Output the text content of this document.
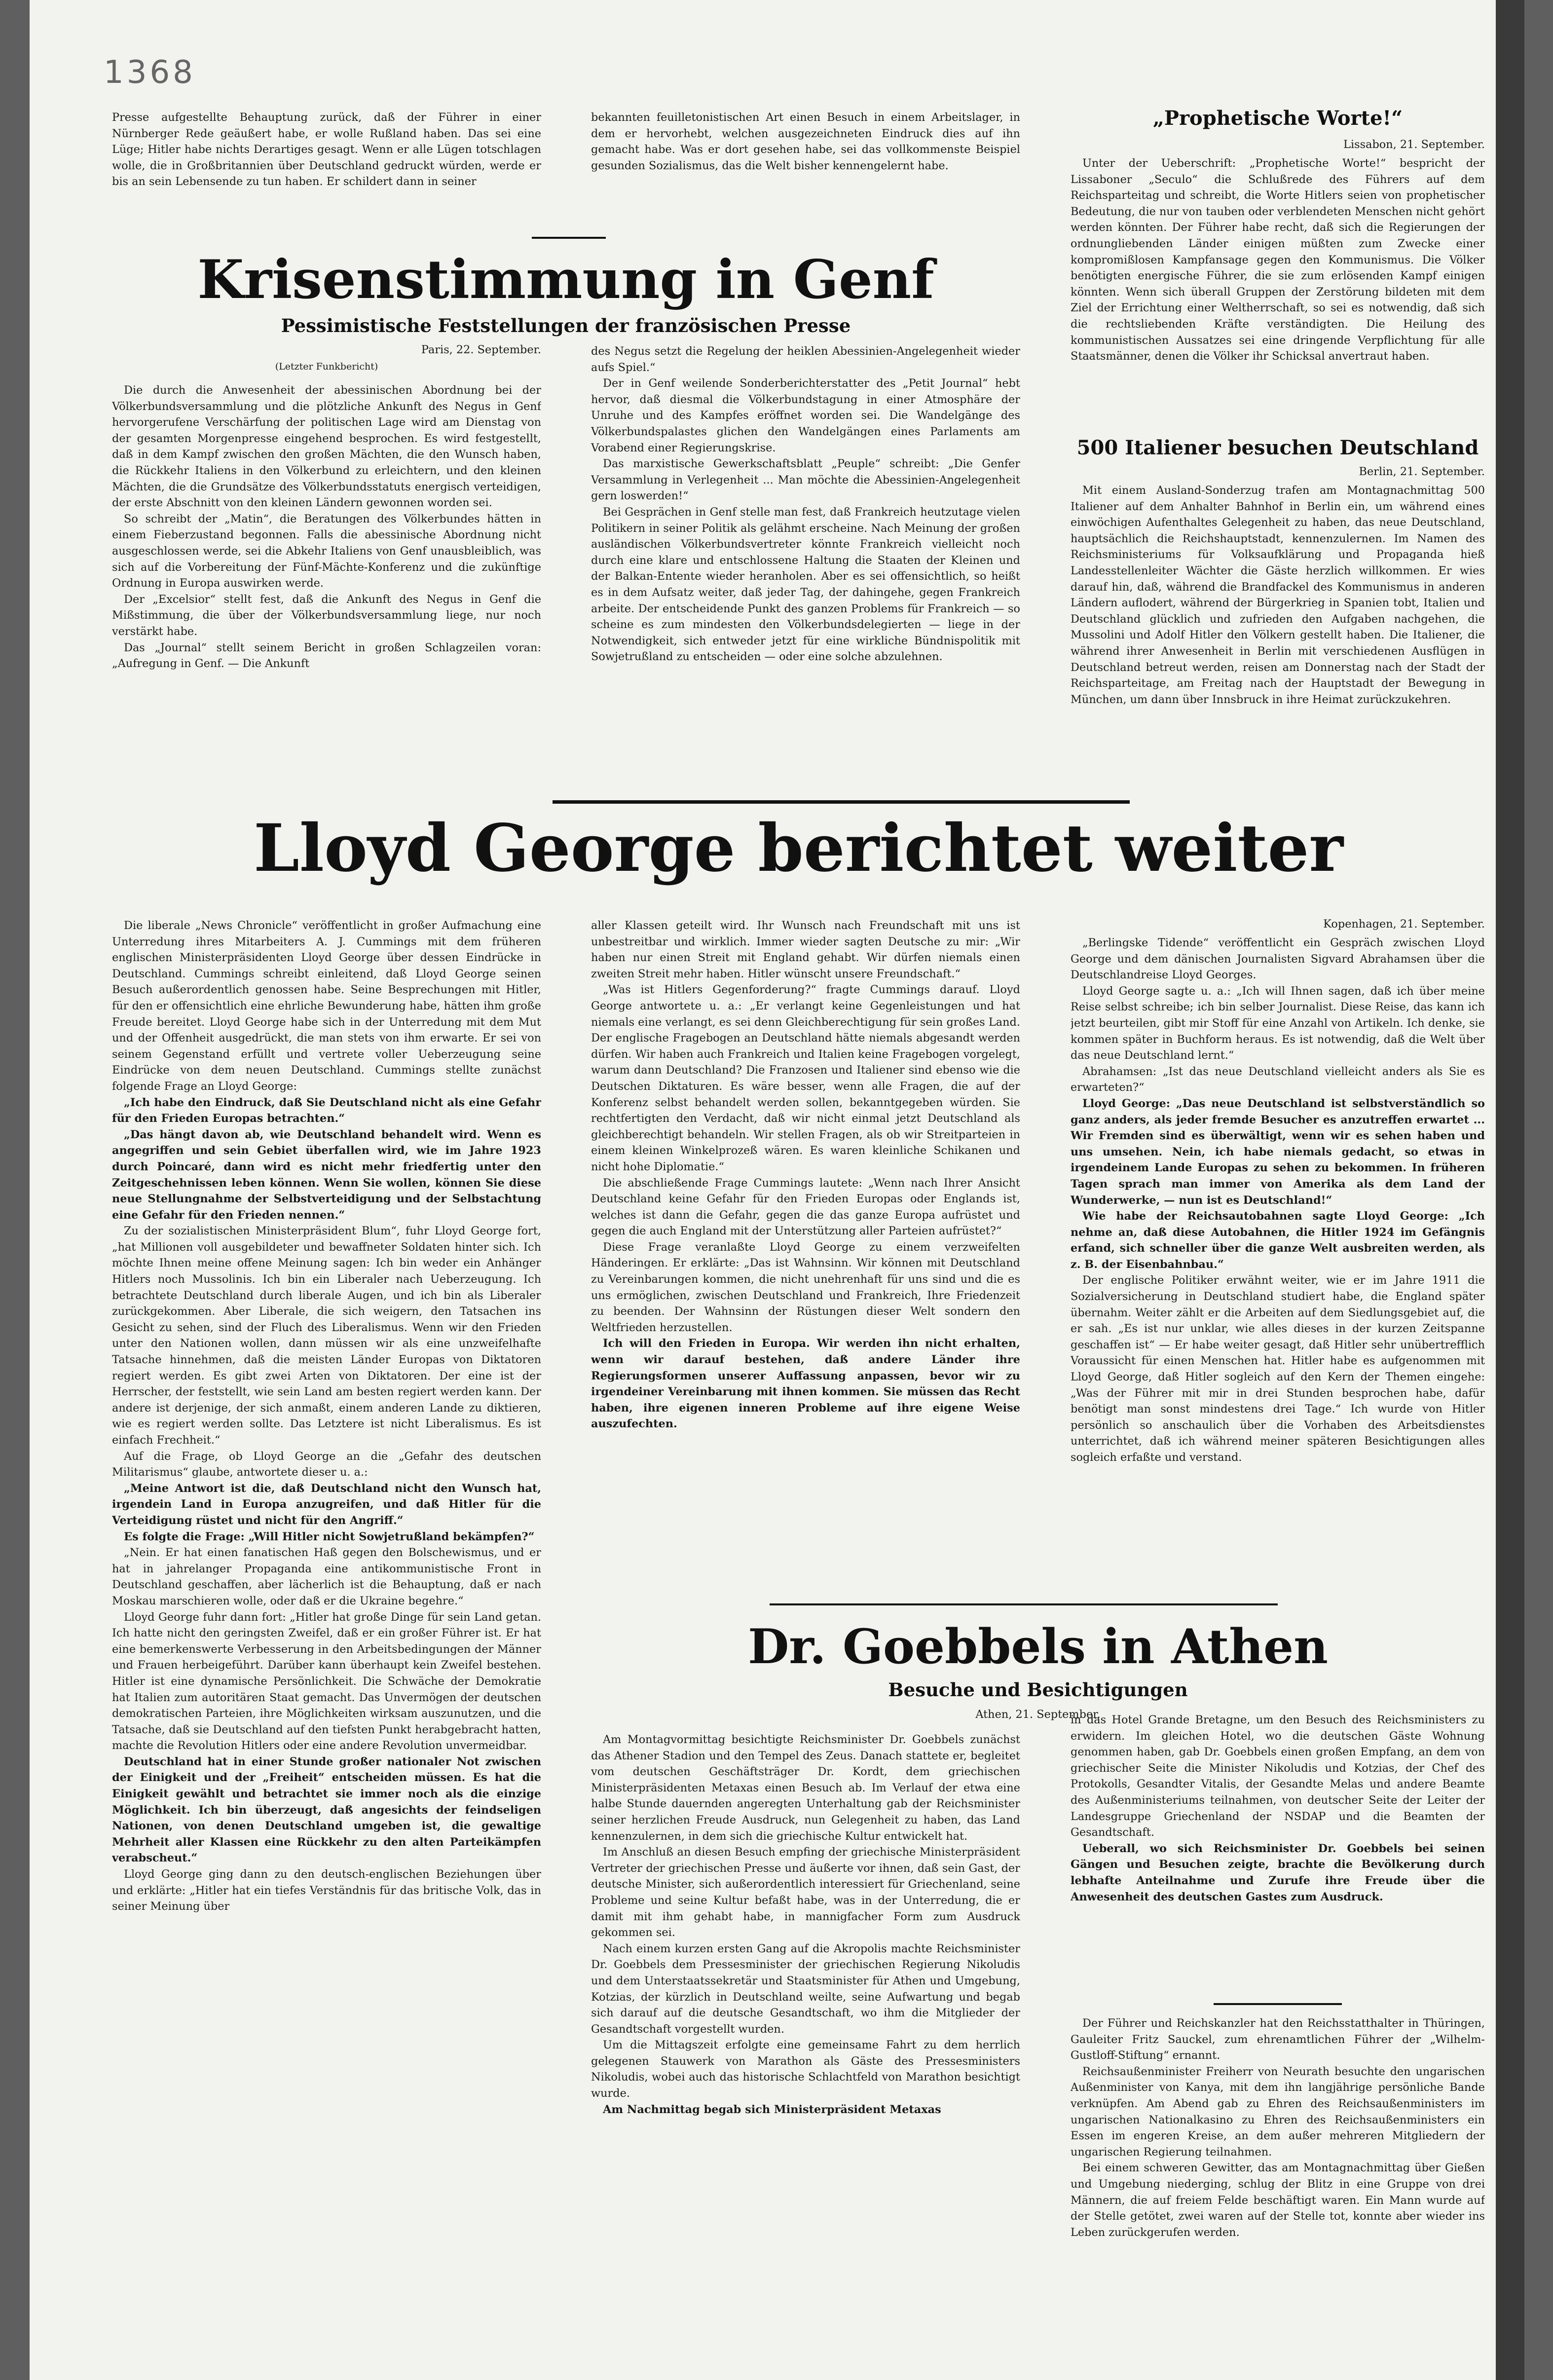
1368

Presse aufgestellte Behauptung zurück, daß der Führer in einer Nürnberger Rede geäußert habe, er wolle Rußland haben. Das sei eine Lüge; Hitler habe nichts Derartiges gesagt. Wenn er alle Lügen totschlagen wolle, die in Großbritannien über Deutschland gedruckt würden, werde er bis an sein Lebensende zu tun haben. Er schildert dann in seiner

bekannten feuilletonistischen Art einen Besuch in einem Arbeitslager, in dem er hervorhebt, welchen ausgezeichneten Eindruck dies auf ihn gemacht habe. Was er dort gesehen habe, sei das vollkommenste Beispiel gesunden Sozialismus, das die Welt bisher kennengelernt habe.

Krisenstimmung in Genf
Pessimistische Feststellungen der französischen Presse
Paris, 22. September.
(Letzter Funkbericht)

Die durch die Anwesenheit der abessinischen Abordnung bei der Völkerbundsversammlung und die plötzliche Ankunft des Negus in Genf hervorgerufene Verschärfung der politischen Lage wird am Dienstag von der gesamten Morgenpresse eingehend besprochen. Es wird festgestellt, daß in dem Kampf zwischen den großen Mächten, die den Wunsch haben, die Rückkehr Italiens in den Völkerbund zu erleichtern, und den kleinen Mächten, die die Grundsätze des Völkerbundsstatuts energisch verteidigen, der erste Abschnitt von den kleinen Ländern gewonnen worden sei.

So schreibt der „Matin“, die Beratungen des Völkerbundes hätten in einem Fieberzustand begonnen. Falls die abessinische Abordnung nicht ausgeschlossen werde, sei die Abkehr Italiens von Genf unausbleiblich, was sich auf die Vorbereitung der Fünf-Mächte-Konferenz und die zukünftige Ordnung in Europa auswirken werde.

Der „Excelsior“ stellt fest, daß die Ankunft des Negus in Genf die Mißstimmung, die über der Völkerbundsversammlung liege, nur noch verstärkt habe.

Das „Journal“ stellt seinem Bericht in großen Schlagzeilen voran: „Aufregung in Genf. — Die Ankunft

des Negus setzt die Regelung der heiklen Abessinien-Angelegenheit wieder aufs Spiel.“

Der in Genf weilende Sonderberichterstatter des „Petit Journal“ hebt hervor, daß diesmal die Völkerbundstagung in einer Atmosphäre der Unruhe und des Kampfes eröffnet worden sei. Die Wandelgänge des Völkerbundspalastes glichen den Wandelgängen eines Parlaments am Vorabend einer Regierungskrise.

Das marxistische Gewerkschaftsblatt „Peuple“ schreibt: „Die Genfer Versammlung in Verlegenheit ... Man möchte die Abessinien-Angelegenheit gern loswerden!“

Bei Gesprächen in Genf stelle man fest, daß Frankreich heutzutage vielen Politikern in seiner Politik als gelähmt erscheine. Nach Meinung der großen ausländischen Völkerbundsvertreter könnte Frankreich vielleicht noch durch eine klare und entschlossene Haltung die Staaten der Kleinen und der Balkan-Entente wieder heranholen. Aber es sei offensichtlich, so heißt es in dem Aufsatz weiter, daß jeder Tag, der dahingehe, gegen Frankreich arbeite. Der entscheidende Punkt des ganzen Problems für Frankreich — so scheine es zum mindesten den Völkerbundsdelegierten — liege in der Notwendigkeit, sich entweder jetzt für eine wirkliche Bündnispolitik mit Sowjetrußland zu entscheiden — oder eine solche abzulehnen.

„Prophetische Worte!“
Lissabon, 21. September.

Unter der Ueberschrift: „Prophetische Worte!“ bespricht der Lissaboner „Seculo“ die Schlußrede des Führers auf dem Reichsparteitag und schreibt, die Worte Hitlers seien von prophetischer Bedeutung, die nur von tauben oder verblendeten Menschen nicht gehört werden könnten. Der Führer habe recht, daß sich die Regierungen der ordnungliebenden Länder einigen müßten zum Zwecke einer kompromißlosen Kampfansage gegen den Kommunismus. Die Völker benötigten energische Führer, die sie zum erlösenden Kampf einigen könnten. Wenn sich überall Gruppen der Zerstörung bildeten mit dem Ziel der Errichtung einer Weltherrschaft, so sei es notwendig, daß sich die rechtsliebenden Kräfte verständigten. Die Heilung des kommunistischen Aussatzes sei eine dringende Verpflichtung für alle Staatsmänner, denen die Völker ihr Schicksal anvertraut haben.

500 Italiener besuchen Deutschland
Berlin, 21. September.

Mit einem Ausland-Sonderzug trafen am Montagnachmittag 500 Italiener auf dem Anhalter Bahnhof in Berlin ein, um während eines einwöchigen Aufenthaltes Gelegenheit zu haben, das neue Deutschland, hauptsächlich die Reichshauptstadt, kennenzulernen. Im Namen des Reichsministeriums für Volksaufklärung und Propaganda hieß Landesstellenleiter Wächter die Gäste herzlich willkommen. Er wies darauf hin, daß, während die Brandfackel des Kommunismus in anderen Ländern auflodert, während der Bürgerkrieg in Spanien tobt, Italien und Deutschland glücklich und zufrieden den Aufgaben nachgehen, die Mussolini und Adolf Hitler den Völkern gestellt haben. Die Italiener, die während ihrer Anwesenheit in Berlin mit verschiedenen Ausflügen in Deutschland betreut werden, reisen am Donnerstag nach der Stadt der Reichsparteitage, am Freitag nach der Hauptstadt der Bewegung in München, um dann über Innsbruck in ihre Heimat zurückzukehren.

Lloyd George berichtet weiter

Die liberale „News Chronicle“ veröffentlicht in großer Aufmachung eine Unterredung ihres Mitarbeiters A. J. Cummings mit dem früheren englischen Ministerpräsidenten Lloyd George über dessen Eindrücke in Deutschland. Cummings schreibt einleitend, daß Lloyd George seinen Besuch außerordentlich genossen habe. Seine Besprechungen mit Hitler, für den er offensichtlich eine ehrliche Bewunderung habe, hätten ihm große Freude bereitet. Lloyd George habe sich in der Unterredung mit dem Mut und der Offenheit ausgedrückt, die man stets von ihm erwarte. Er sei von seinem Gegenstand erfüllt und vertrete voller Ueberzeugung seine Eindrücke von dem neuen Deutschland. Cummings stellte zunächst folgende Frage an Lloyd George:

„Ich habe den Eindruck, daß Sie Deutschland nicht als eine Gefahr für den Frieden Europas betrachten.“

„Das hängt davon ab, wie Deutschland behandelt wird. Wenn es angegriffen und sein Gebiet überfallen wird, wie im Jahre 1923 durch Poincaré, dann wird es nicht mehr friedfertig unter den Zeitgeschehnissen leben können. Wenn Sie wollen, können Sie diese neue Stellungnahme der Selbstverteidigung und der Selbstachtung eine Gefahr für den Frieden nennen.“

Zu der sozialistischen Ministerpräsident Blum“, fuhr Lloyd George fort, „hat Millionen voll ausgebildeter und bewaffneter Soldaten hinter sich. Ich möchte Ihnen meine offene Meinung sagen: Ich bin weder ein Anhänger Hitlers noch Mussolinis. Ich bin ein Liberaler nach Ueberzeugung. Ich betrachtete Deutschland durch liberale Augen, und ich bin als Liberaler zurückgekommen. Aber Liberale, die sich weigern, den Tatsachen ins Gesicht zu sehen, sind der Fluch des Liberalismus. Wenn wir den Frieden unter den Nationen wollen, dann müssen wir als eine unzweifelhafte Tatsache hinnehmen, daß die meisten Länder Europas von Diktatoren regiert werden. Es gibt zwei Arten von Diktatoren. Der eine ist der Herrscher, der feststellt, wie sein Land am besten regiert werden kann. Der andere ist derjenige, der sich anmaßt, einem anderen Lande zu diktieren, wie es regiert werden sollte. Das Letztere ist nicht Liberalismus. Es ist einfach Frechheit.“

Auf die Frage, ob Lloyd George an die „Gefahr des deutschen Militarismus“ glaube, antwortete dieser u. a.:

„Meine Antwort ist die, daß Deutschland nicht den Wunsch hat, irgendein Land in Europa anzugreifen, und daß Hitler für die Verteidigung rüstet und nicht für den Angriff.“

Es folgte die Frage: „Will Hitler nicht Sowjetrußland bekämpfen?“

„Nein. Er hat einen fanatischen Haß gegen den Bolschewismus, und er hat in jahrelanger Propaganda eine antikommunistische Front in Deutschland geschaffen, aber lächerlich ist die Behauptung, daß er nach Moskau marschieren wolle, oder daß er die Ukraine begehre.“

Lloyd George fuhr dann fort: „Hitler hat große Dinge für sein Land getan. Ich hatte nicht den geringsten Zweifel, daß er ein großer Führer ist. Er hat eine bemerkenswerte Verbesserung in den Arbeitsbedingungen der Männer und Frauen herbeigeführt. Darüber kann überhaupt kein Zweifel bestehen. Hitler ist eine dynamische Persönlichkeit. Die Schwäche der Demokratie hat Italien zum autoritären Staat gemacht. Das Unvermögen der deutschen demokratischen Parteien, ihre Möglichkeiten wirksam auszunutzen, und die Tatsache, daß sie Deutschland auf den tiefsten Punkt herabgebracht hatten, machte die Revolution Hitlers oder eine andere Revolution unvermeidbar.

Deutschland hat in einer Stunde großer nationaler Not zwischen der Einigkeit und der „Freiheit“ entscheiden müssen. Es hat die Einigkeit gewählt und betrachtet sie immer noch als die einzige Möglichkeit. Ich bin überzeugt, daß angesichts der feindseligen Nationen, von denen Deutschland umgeben ist, die gewaltige Mehrheit aller Klassen eine Rückkehr zu den alten Parteikämpfen verabscheut.“

Lloyd George ging dann zu den deutsch-englischen Beziehungen über und erklärte: „Hitler hat ein tiefes Verständnis für das britische Volk, das in seiner Meinung über

aller Klassen geteilt wird. Ihr Wunsch nach Freundschaft mit uns ist unbestreitbar und wirklich. Immer wieder sagten Deutsche zu mir: „Wir haben nur einen Streit mit England gehabt. Wir dürfen niemals einen zweiten Streit mehr haben. Hitler wünscht unsere Freundschaft.“

„Was ist Hitlers Gegenforderung?“ fragte Cummings darauf. Lloyd George antwortete u. a.: „Er verlangt keine Gegenleistungen und hat niemals eine verlangt, es sei denn Gleichberechtigung für sein großes Land. Der englische Fragebogen an Deutschland hätte niemals abgesandt werden dürfen. Wir haben auch Frankreich und Italien keine Fragebogen vorgelegt, warum dann Deutschland? Die Franzosen und Italiener sind ebenso wie die Deutschen Diktaturen. Es wäre besser, wenn alle Fragen, die auf der Konferenz selbst behandelt werden sollen, bekanntgegeben würden. Sie rechtfertigten den Verdacht, daß wir nicht einmal jetzt Deutschland als gleichberechtigt behandeln. Wir stellen Fragen, als ob wir Streitparteien in einem kleinen Winkelprozeß wären. Es waren kleinliche Schikanen und nicht hohe Diplomatie.“

Die abschließende Frage Cummings lautete: „Wenn nach Ihrer Ansicht Deutschland keine Gefahr für den Frieden Europas oder Englands ist, welches ist dann die Gefahr, gegen die das ganze Europa aufrüstet und gegen die auch England mit der Unterstützung aller Parteien aufrüstet?“

Diese Frage veranlaßte Lloyd George zu einem verzweifelten Händeringen. Er erklärte: „Das ist Wahnsinn. Wir können mit Deutschland zu Vereinbarungen kommen, die nicht unehrenhaft für uns sind und die es uns ermöglichen, zwischen Deutschland und Frankreich, Ihre Friedenzeit zu beenden. Der Wahnsinn der Rüstungen dieser Welt sondern den Weltfrieden herzustellen.

Ich will den Frieden in Europa. Wir werden ihn nicht erhalten, wenn wir darauf bestehen, daß andere Länder ihre Regierungsformen unserer Auffassung anpassen, bevor wir zu irgendeiner Vereinbarung mit ihnen kommen. Sie müssen das Recht haben, ihre eigenen inneren Probleme auf ihre eigene Weise auszufechten.

Kopenhagen, 21. September.

„Berlingske Tidende“ veröffentlicht ein Gespräch zwischen Lloyd George und dem dänischen Journalisten Sigvard Abrahamsen über die Deutschlandreise Lloyd Georges.

Lloyd George sagte u. a.: „Ich will Ihnen sagen, daß ich über meine Reise selbst schreibe; ich bin selber Journalist. Diese Reise, das kann ich jetzt beurteilen, gibt mir Stoff für eine Anzahl von Artikeln. Ich denke, sie kommen später in Buchform heraus. Es ist notwendig, daß die Welt über das neue Deutschland lernt.“

Abrahamsen: „Ist das neue Deutschland vielleicht anders als Sie es erwarteten?“

Lloyd George: „Das neue Deutschland ist selbstverständlich so ganz anders, als jeder fremde Besucher es anzutreffen erwartet ... Wir Fremden sind es überwältigt, wenn wir es sehen haben und uns umsehen. Nein, ich habe niemals gedacht, so etwas in irgendeinem Lande Europas zu sehen zu bekommen. In früheren Tagen sprach man immer von Amerika als dem Land der Wunderwerke, — nun ist es Deutschland!“

Wie habe der Reichsautobahnen sagte Lloyd George: „Ich nehme an, daß diese Autobahnen, die Hitler 1924 im Gefängnis erfand, sich schneller über die ganze Welt ausbreiten werden, als z. B. der Eisenbahnbau.“

Der englische Politiker erwähnt weiter, wie er im Jahre 1911 die Sozialversicherung in Deutschland studiert habe, die England später übernahm. Weiter zählt er die Arbeiten auf dem Siedlungsgebiet auf, die er sah. „Es ist nur unklar, wie alles dieses in der kurzen Zeitspanne geschaffen ist“ — Er habe weiter gesagt, daß Hitler sehr unübertrefflich Voraussicht für einen Menschen hat. Hitler habe es aufgenommen mit Lloyd George, daß Hitler sogleich auf den Kern der Themen eingehe: „Was der Führer mit mir in drei Stunden besprochen habe, dafür benötigt man sonst mindestens drei Tage.“ Ich wurde von Hitler persönlich so anschaulich über die Vorhaben des Arbeitsdienstes unterrichtet, daß ich während meiner späteren Besichtigungen alles sogleich erfaßte und verstand.

Dr. Goebbels in Athen
Besuche und Besichtigungen
Athen, 21. September.

Am Montagvormittag besichtigte Reichsminister Dr. Goebbels zunächst das Athener Stadion und den Tempel des Zeus. Danach stattete er, begleitet vom deutschen Geschäftsträger Dr. Kordt, dem griechischen Ministerpräsidenten Metaxas einen Besuch ab. Im Verlauf der etwa eine halbe Stunde dauernden angeregten Unterhaltung gab der Reichsminister seiner herzlichen Freude Ausdruck, nun Gelegenheit zu haben, das Land kennenzulernen, in dem sich die griechische Kultur entwickelt hat.

Im Anschluß an diesen Besuch empfing der griechische Ministerpräsident Vertreter der griechischen Presse und äußerte vor ihnen, daß sein Gast, der deutsche Minister, sich außerordentlich interessiert für Griechenland, seine Probleme und seine Kultur befaßt habe, was in der Unterredung, die er damit mit ihm gehabt habe, in mannigfacher Form zum Ausdruck gekommen sei.

Nach einem kurzen ersten Gang auf die Akropolis machte Reichsminister Dr. Goebbels dem Pressesminister der griechischen Regierung Nikoludis und dem Unterstaatssekretär und Staatsminister für Athen und Umgebung, Kotzias, der kürzlich in Deutschland weilte, seine Aufwartung und begab sich darauf auf die deutsche Gesandtschaft, wo ihm die Mitglieder der Gesandtschaft vorgestellt wurden.

Um die Mittagszeit erfolgte eine gemeinsame Fahrt zu dem herrlich gelegenen Stauwerk von Marathon als Gäste des Pressesministers Nikoludis, wobei auch das historische Schlachtfeld von Marathon besichtigt wurde.

Am Nachmittag begab sich Ministerpräsident Metaxas

in das Hotel Grande Bretagne, um den Besuch des Reichsministers zu erwidern. Im gleichen Hotel, wo die deutschen Gäste Wohnung genommen haben, gab Dr. Goebbels einen großen Empfang, an dem von griechischer Seite die Minister Nikoludis und Kotzias, der Chef des Protokolls, Gesandter Vitalis, der Gesandte Melas und andere Beamte des Außenministeriums teilnahmen, von deutscher Seite der Leiter der Landesgruppe Griechenland der NSDAP und die Beamten der Gesandtschaft.

Ueberall, wo sich Reichsminister Dr. Goebbels bei seinen Gängen und Besuchen zeigte, brachte die Bevölkerung durch lebhafte Anteilnahme und Zurufe ihre Freude über die Anwesenheit des deutschen Gastes zum Ausdruck.

Der Führer und Reichskanzler hat den Reichsstatthalter in Thüringen, Gauleiter Fritz Sauckel, zum ehrenamtlichen Führer der „Wilhelm-Gustloff-Stiftung“ ernannt.

Reichsaußenminister Freiherr von Neurath besuchte den ungarischen Außenminister von Kanya, mit dem ihn langjährige persönliche Bande verknüpfen. Am Abend gab zu Ehren des Reichsaußenministers im ungarischen Nationalkasino zu Ehren des Reichsaußenministers ein Essen im engeren Kreise, an dem außer mehreren Mitgliedern der ungarischen Regierung teilnahmen.

Bei einem schweren Gewitter, das am Montagnachmittag über Gießen und Umgebung niederging, schlug der Blitz in eine Gruppe von drei Männern, die auf freiem Felde beschäftigt waren. Ein Mann wurde auf der Stelle getötet, zwei waren auf der Stelle tot, konnte aber wieder ins Leben zurückgerufen werden.
